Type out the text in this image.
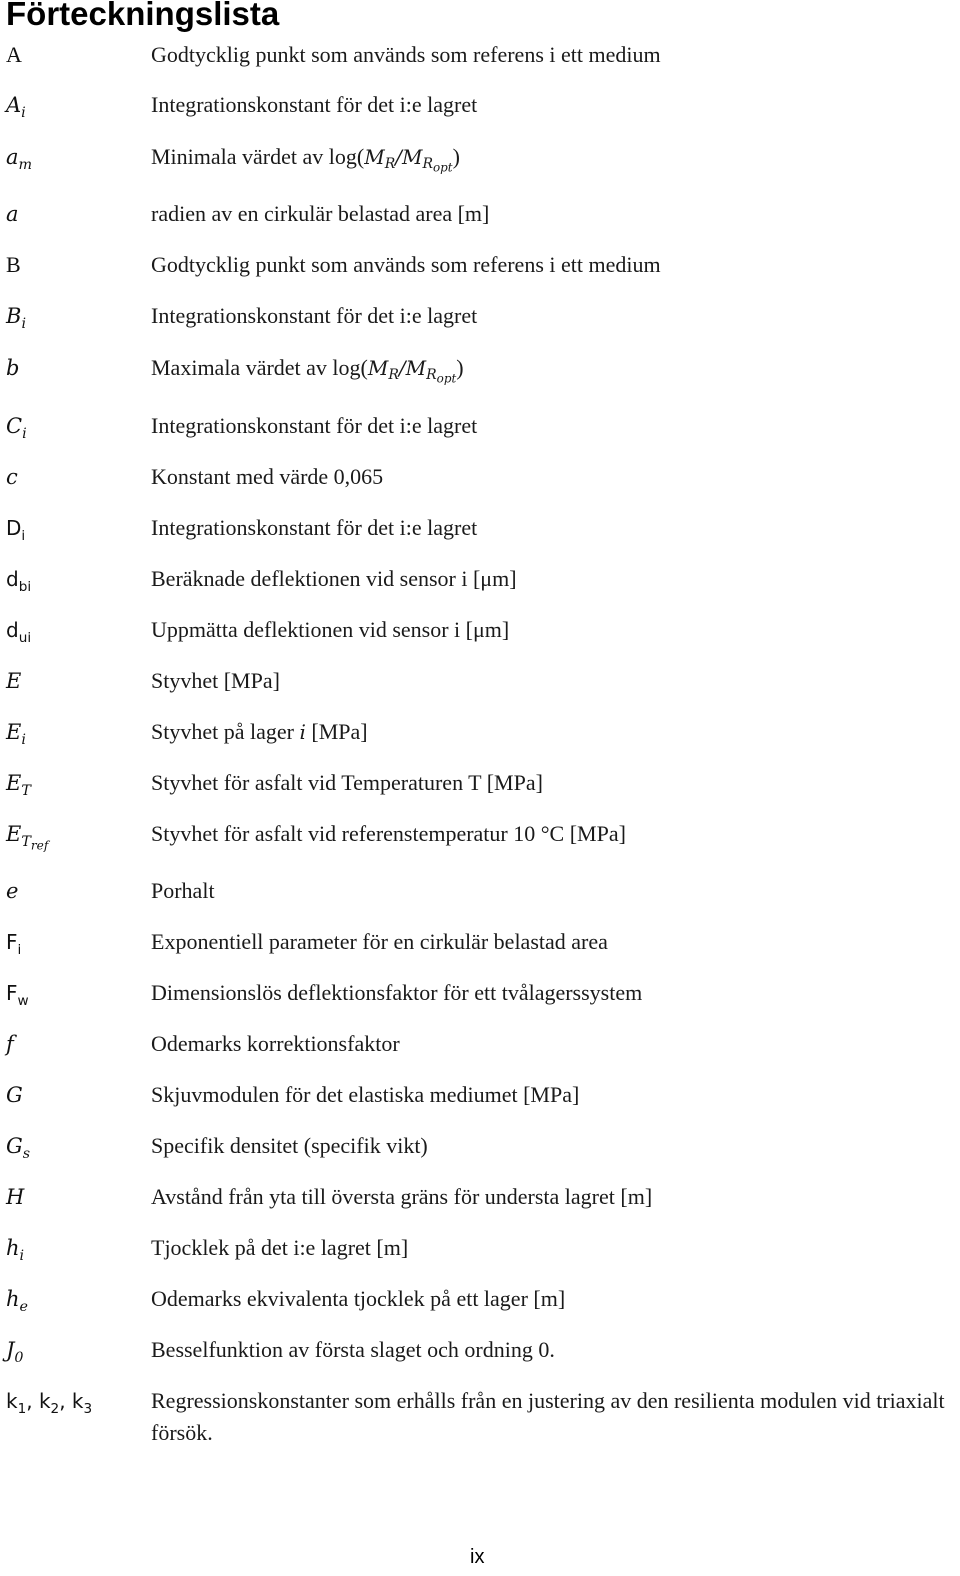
Förteckningslista
A	Godtycklig punkt som används som referens i ett medium
$A_i$	Integrationskonstant för det i:e lagret
$a_m$	Minimala värdet av $\log(M_R/M_{R_{opt}})$
a	radien av en cirkulär belastad area [m]
B	Godtycklig punkt som används som referens i ett medium
$B_i$	Integrationskonstant för det i:e lagret
b	Maximala värdet av $\log(M_R/M_{R_{opt}})$
$C_i$	Integrationskonstant för det i:e lagret
c	Konstant med värde 0,065
$D_i$	Integrationskonstant för det i:e lagret
$d_{bi}$	Beräknade deflektionen vid sensor i [μm]
$d_{ui}$	Uppmätta deflektionen vid sensor i [μm]
E	Styvhet [MPa]
$E_i$	Styvhet på lager i [MPa]
$E_T$	Styvhet för asfalt vid Temperaturen T [MPa]
$E_{T_{ref}}$	Styvhet för asfalt vid referenstemperatur 10 °C [MPa]
e	Porhalt
$F_i$	Exponentiell parameter för en cirkulär belastad area
$F_w$	Dimensionslös deflektionsfaktor för ett tvålagerssystem
f	Odemarks korrektionsfaktor
G	Skjuvmodulen för det elastiska mediumet [MPa]
$G_s$	Specifik densitet (specifik vikt)
H	Avstånd från yta till översta gräns för understa lagret [m]
$h_i$	Tjocklek på det i:e lagret [m]
$h_e$	Odemarks ekvivalenta tjocklek på ett lager [m]
$J_0$	Besselfunktion av första slaget och ordning 0.
$k_1$, $k_2$, $k_3$	Regressionskonstanter som erhålls från en justering av den resilienta modulen vid triaxialt försök.
ix
